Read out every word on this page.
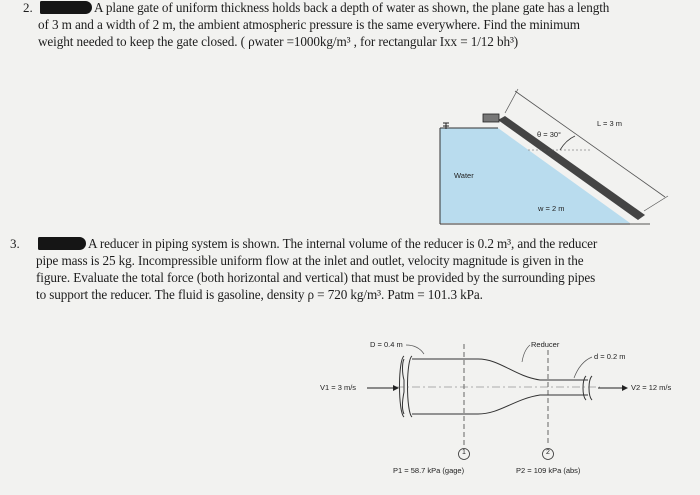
2.	A plane gate of uniform thickness holds back a depth of water as shown, the plane gate has a length
of 3 m and a width of 2 m, the ambient atmospheric pressure is the same everywhere. Find the minimum
weight needed to keep the gate closed. ( ρwater =1000kg/m³ , for rectangular Ixx = 1/12 bh³)
Water
θ = 30°
L = 3 m
w = 2 m
3.	A reducer in piping system is shown. The internal volume of the reducer is 0.2 m³, and the reducer
pipe mass is 25 kg. Incompressible uniform flow at the inlet and outlet, velocity magnitude is given in the
figure. Evaluate the total force (both horizontal and vertical) that must be provided by the surrounding pipes
to support the reducer. The fluid is gasoline, density ρ = 720 kg/m³. Patm = 101.3 kPa.
D = 0.4 m	Reducer
d = 0.2 m
V1 = 3 m/s	V2 = 12 m/s
1	2
P1 = 58.7 kPa (gage)	P2 = 109 kPa (abs)
